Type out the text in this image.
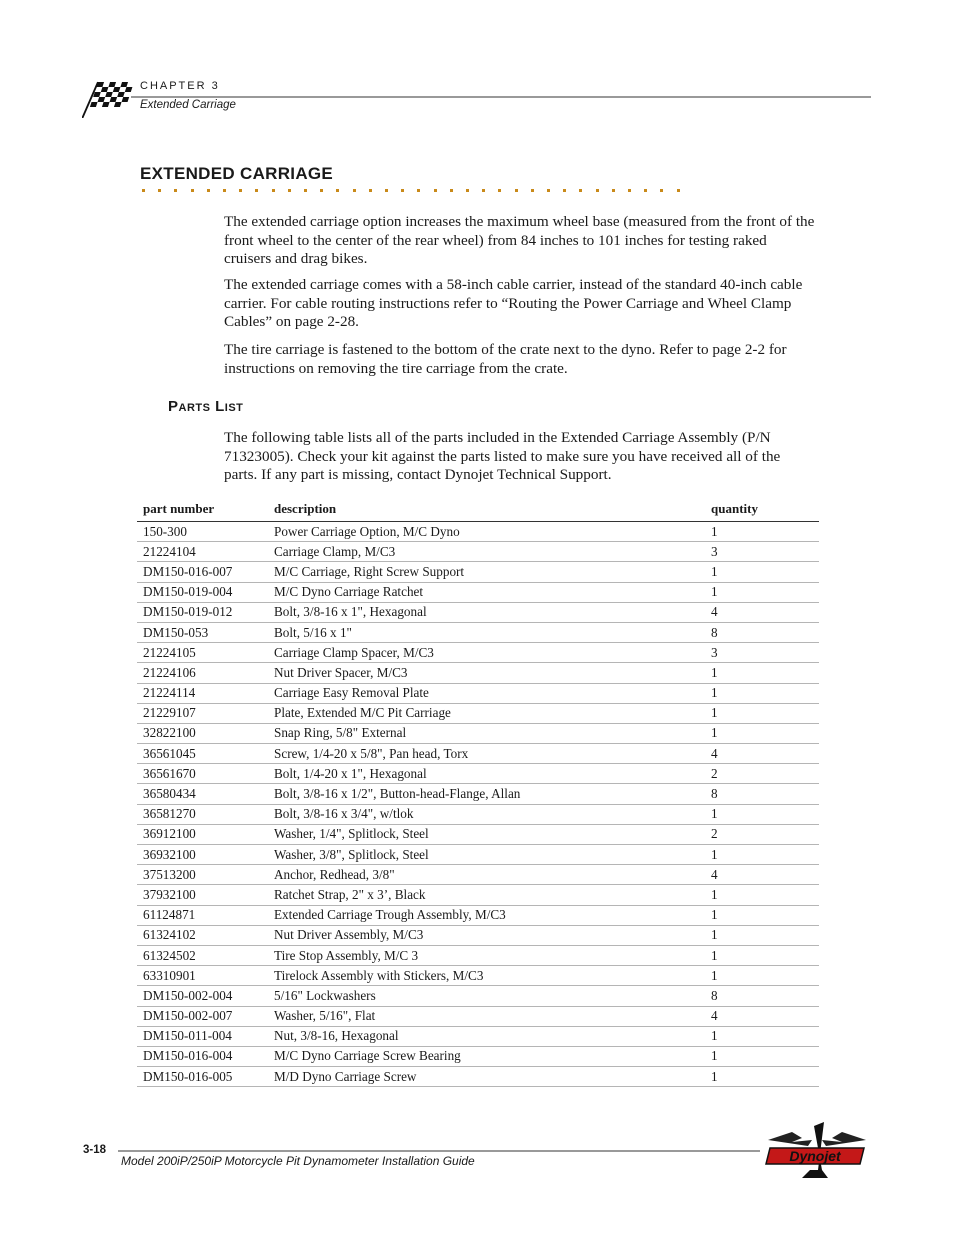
CHAPTER 3
Extended Carriage
EXTENDED CARRIAGE

The extended carriage option increases the maximum wheel base (measured from the front of the front wheel to the center of the rear wheel) from 84 inches to 101 inches for testing raked cruisers and drag bikes.

The extended carriage comes with a 58-inch cable carrier, instead of the standard 40-inch cable carrier. For cable routing instructions refer to “Routing the Power Carriage and Wheel Clamp Cables” on page 2-28.

The tire carriage is fastened to the bottom of the crate next to the dyno. Refer to page 2-2 for instructions on removing the tire carriage from the crate.

Parts List

The following table lists all of the parts included in the Extended Carriage Assembly (P/N 71323005). Check your kit against the parts listed to make sure you have received all of the parts. If any part is missing, contact Dynojet Technical Support.

part number	description	quantity
150-300	Power Carriage Option, M/C Dyno	1
21224104	Carriage Clamp, M/C3	3
DM150-016-007	M/C Carriage, Right Screw Support	1
DM150-019-004	M/C Dyno Carriage Ratchet	1
DM150-019-012	Bolt, 3/8-16 x 1", Hexagonal	4
DM150-053	Bolt, 5/16 x 1"	8
21224105	Carriage Clamp Spacer, M/C3	3
21224106	Nut Driver Spacer, M/C3	1
21224114	Carriage Easy Removal Plate	1
21229107	Plate, Extended M/C Pit Carriage	1
32822100	Snap Ring, 5/8" External	1
36561045	Screw, 1/4-20 x 5/8", Pan head, Torx	4
36561670	Bolt, 1/4-20 x 1", Hexagonal	2
36580434	Bolt, 3/8-16 x 1/2", Button-head-Flange, Allan	8
36581270	Bolt, 3/8-16 x 3/4", w/tlok	1
36912100	Washer, 1/4", Splitlock, Steel	2
36932100	Washer, 3/8", Splitlock, Steel	1
37513200	Anchor, Redhead, 3/8"	4
37932100	Ratchet Strap, 2" x 3’, Black	1
61124871	Extended Carriage Trough Assembly, M/C3	1
61324102	Nut Driver Assembly, M/C3	1
61324502	Tire Stop Assembly, M/C 3	1
63310901	Tirelock Assembly with Stickers, M/C3	1
DM150-002-004	5/16" Lockwashers	8
DM150-002-007	Washer, 5/16", Flat	4
DM150-011-004	Nut, 3/8-16, Hexagonal	1
DM150-016-004	M/C Dyno Carriage Screw Bearing	1
DM150-016-005	M/D Dyno Carriage Screw	1
3-18
Model 200iP/250iP Motorcycle Pit Dynamometer Installation Guide	Dynojet
